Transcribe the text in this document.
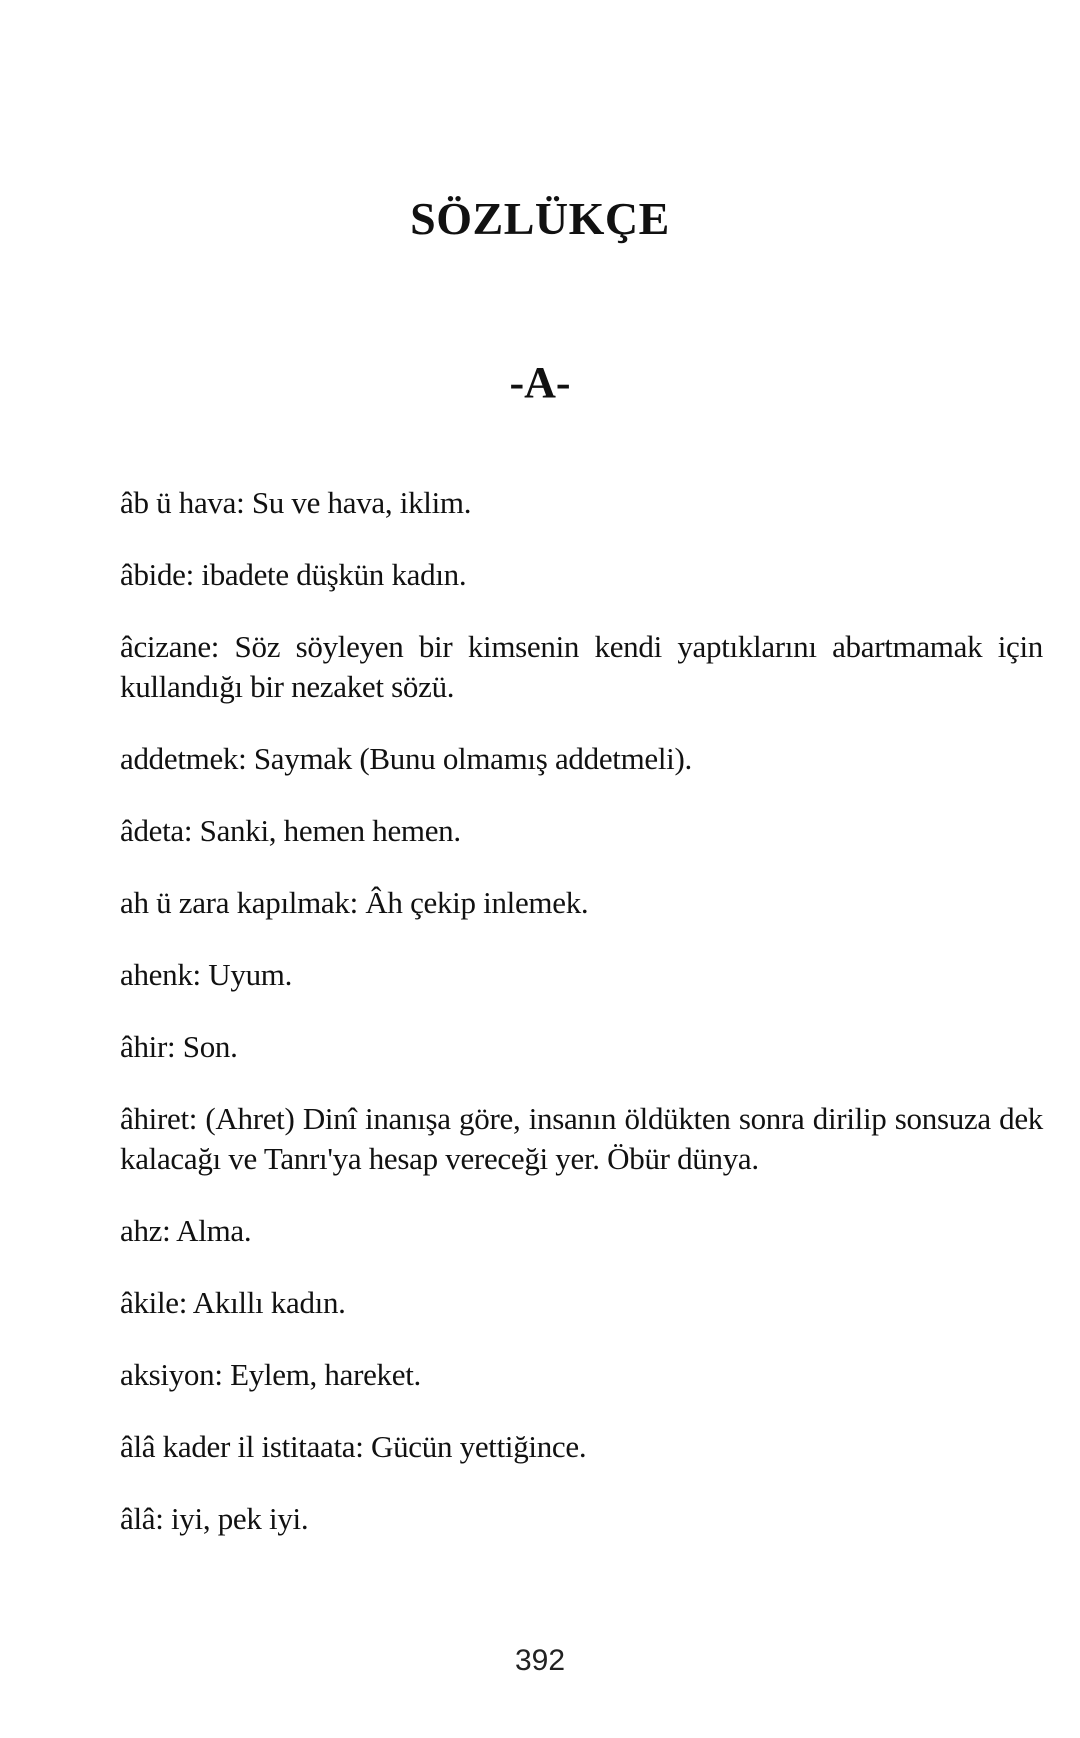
SÖZLÜKÇE
-A-
âb ü hava: Su ve hava, iklim.
âbide: ibadete düşkün kadın.
âcizane: Söz söyleyen bir kimsenin kendi yaptıklarını abartmamak için kullandığı bir nezaket sözü.
addetmek: Saymak (Bunu olmamış addetmeli).
âdeta: Sanki, hemen hemen.
ah ü zara kapılmak: Âh çekip inlemek.
ahenk: Uyum.
âhir: Son.
âhiret: (Ahret) Dinî inanışa göre, insanın öldükten sonra dirilip sonsuza dek kalacağı ve Tanrı'ya hesap vereceği yer. Öbür dünya.
ahz: Alma.
âkile: Akıllı kadın.
aksiyon: Eylem, hareket.
âlâ kader il istitaata: Gücün yettiğince.
âlâ: iyi, pek iyi.
392
